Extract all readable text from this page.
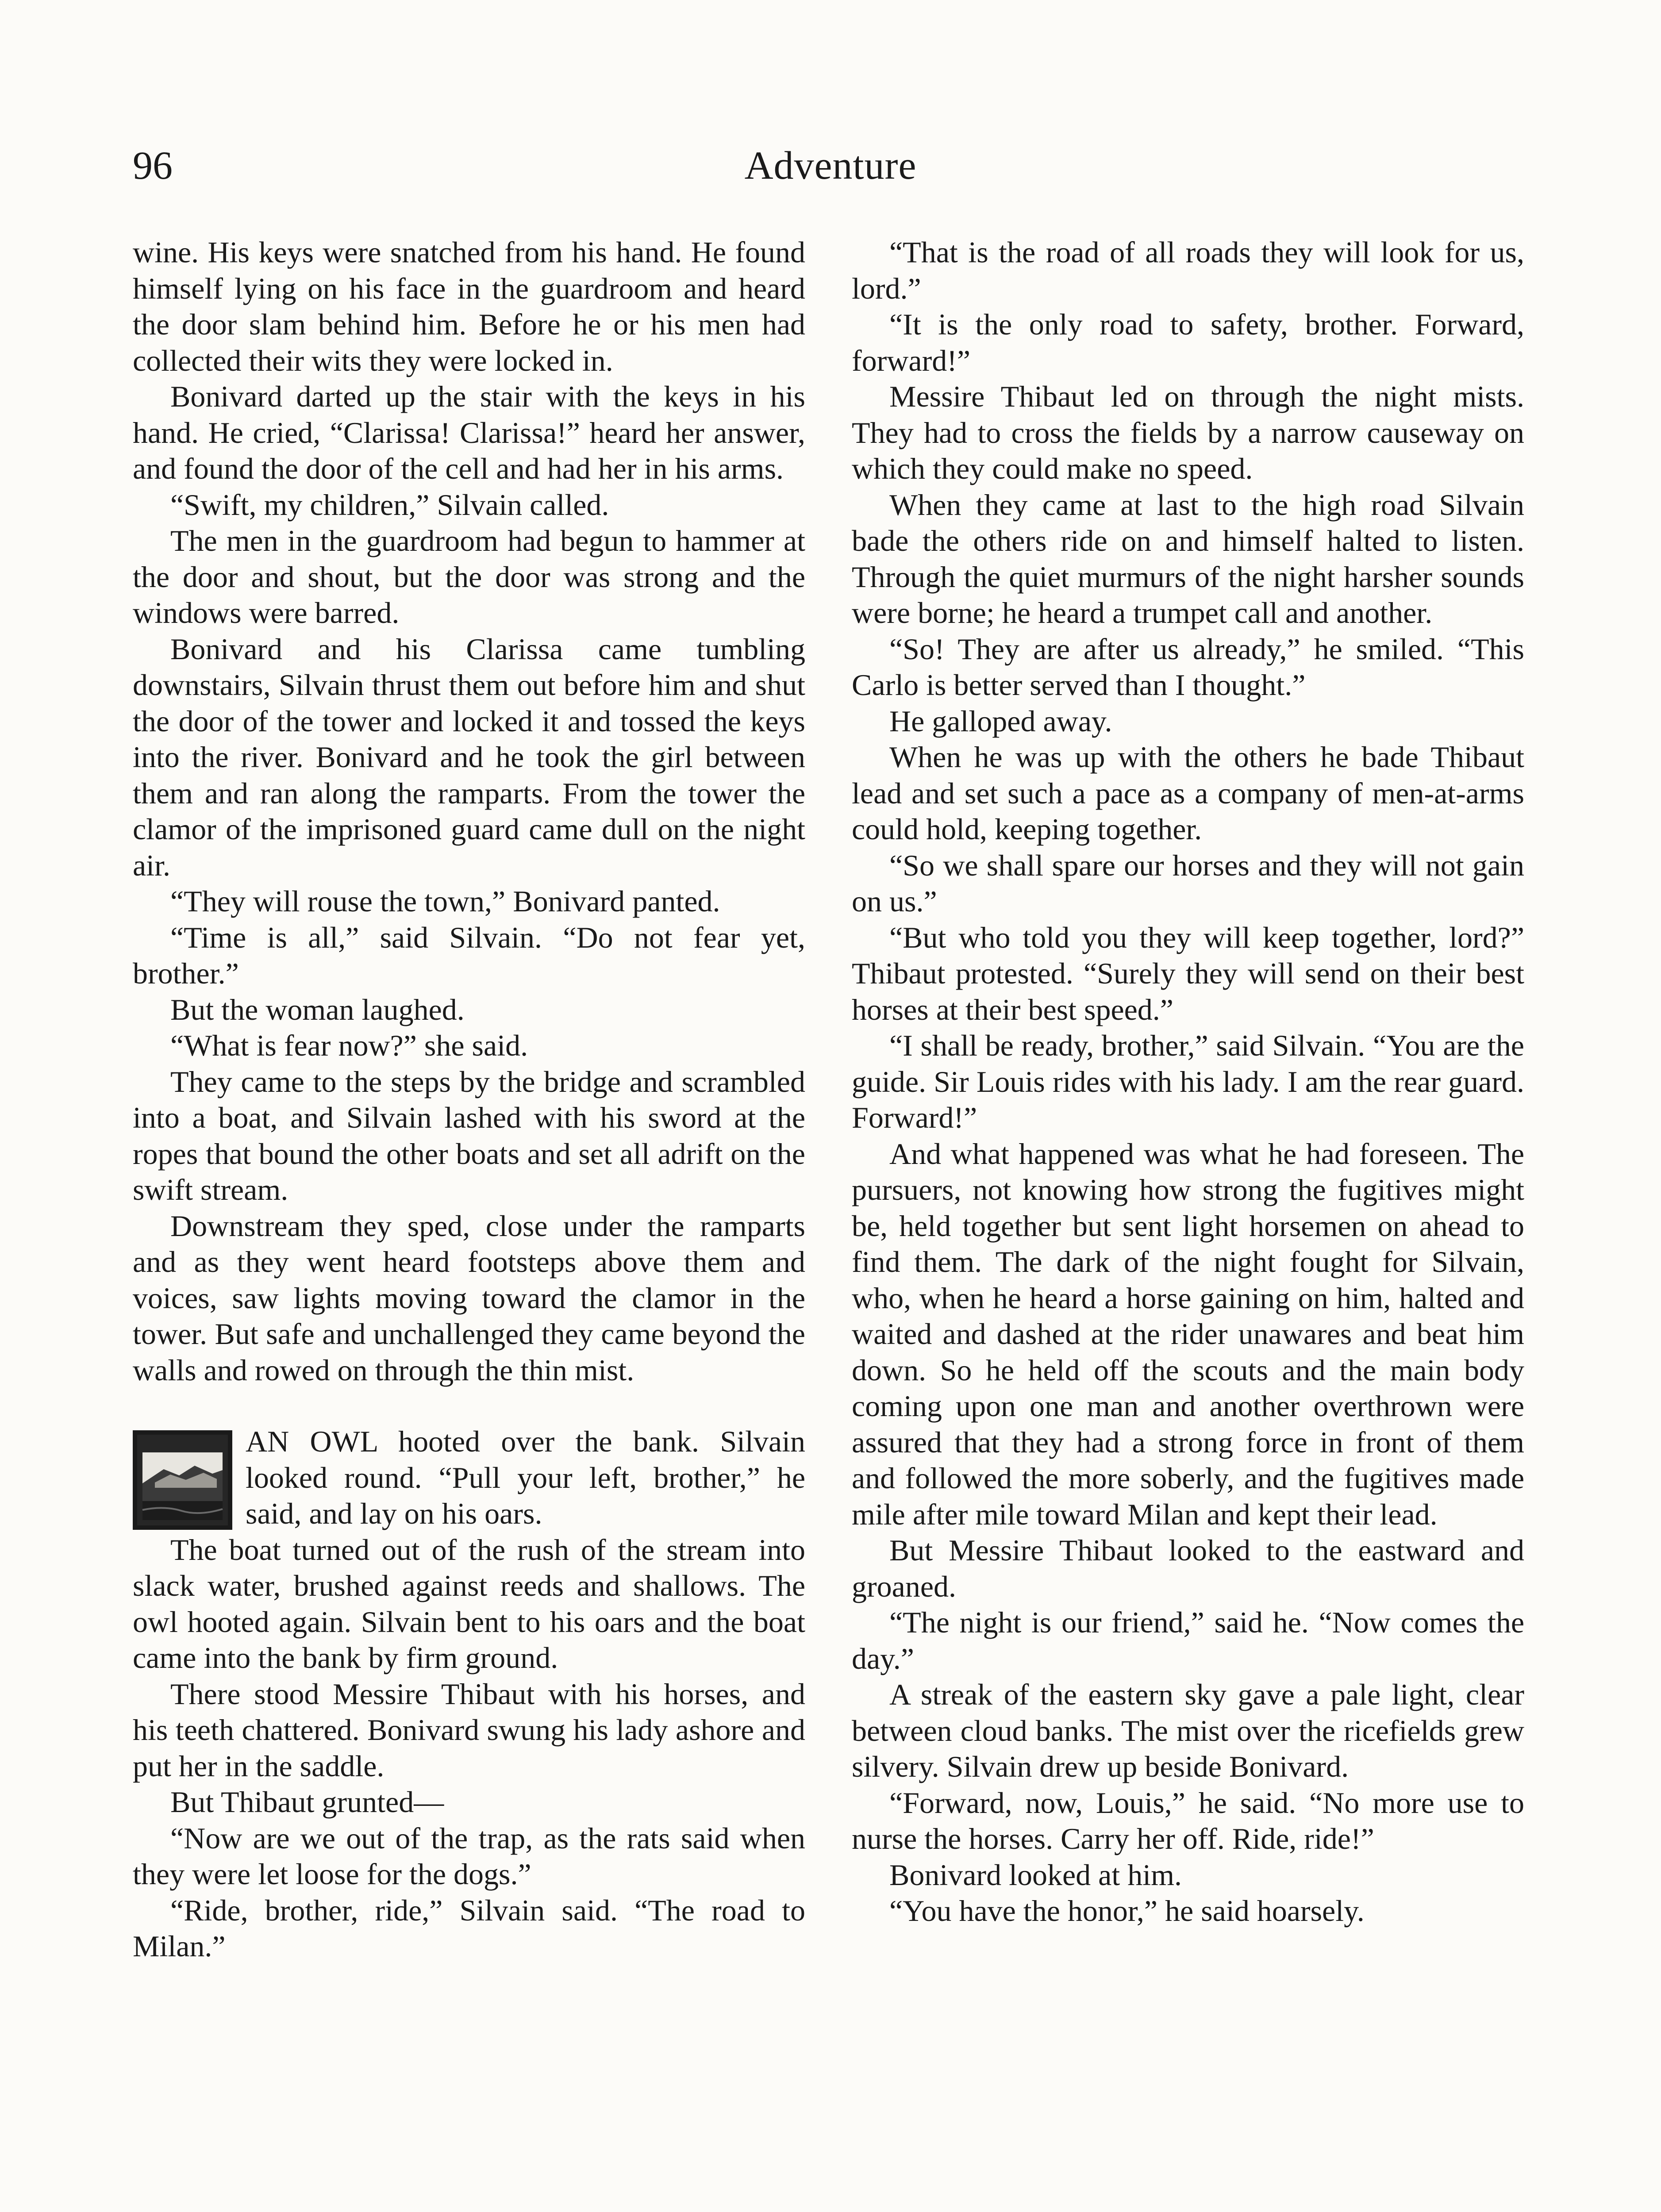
96	Adventure

wine. His keys were snatched from his hand. He found himself lying on his face in the guardroom and heard the door slam behind him. Before he or his men had collected their wits they were locked in.

Bonivard darted up the stair with the keys in his hand. He cried, “Clarissa! Clarissa!” heard her answer, and found the door of the cell and had her in his arms.

“Swift, my children,” Silvain called.

The men in the guardroom had begun to hammer at the door and shout, but the door was strong and the windows were barred.

Bonivard and his Clarissa came tumbling downstairs, Silvain thrust them out before him and shut the door of the tower and locked it and tossed the keys into the river. Bonivard and he took the girl between them and ran along the ramparts. From the tower the clamor of the imprisoned guard came dull on the night air.

“They will rouse the town,” Bonivard panted.

“Time is all,” said Silvain. “Do not fear yet, brother.”

But the woman laughed.

“What is fear now?” she said.

They came to the steps by the bridge and scrambled into a boat, and Silvain lashed with his sword at the ropes that bound the other boats and set all adrift on the swift stream.

Downstream they sped, close under the ramparts and as they went heard footsteps above them and voices, saw lights moving toward the clamor in the tower. But safe and unchallenged they came beyond the walls and rowed on through the thin mist.

AN OWL hooted over the bank. Silvain looked round. “Pull your left, brother,” he said, and lay on his oars.

The boat turned out of the rush of the stream into slack water, brushed against reeds and shallows. The owl hooted again. Silvain bent to his oars and the boat came into the bank by firm ground.

There stood Messire Thibaut with his horses, and his teeth chattered. Bonivard swung his lady ashore and put her in the saddle.

But Thibaut grunted—

“Now are we out of the trap, as the rats said when they were let loose for the dogs.”

“Ride, brother, ride,” Silvain said. “The road to Milan.”

“That is the road of all roads they will look for us, lord.”

“It is the only road to safety, brother. Forward, forward!”

Messire Thibaut led on through the night mists. They had to cross the fields by a narrow causeway on which they could make no speed.

When they came at last to the high road Silvain bade the others ride on and himself halted to listen. Through the quiet murmurs of the night harsher sounds were borne; he heard a trumpet call and another.

“So! They are after us already,” he smiled. “This Carlo is better served than I thought.”

He galloped away.

When he was up with the others he bade Thibaut lead and set such a pace as a company of men-at-arms could hold, keeping together.

“So we shall spare our horses and they will not gain on us.”

“But who told you they will keep together, lord?” Thibaut protested. “Surely they will send on their best horses at their best speed.”

“I shall be ready, brother,” said Silvain. “You are the guide. Sir Louis rides with his lady. I am the rear guard. Forward!”

And what happened was what he had foreseen. The pursuers, not knowing how strong the fugitives might be, held together but sent light horsemen on ahead to find them. The dark of the night fought for Silvain, who, when he heard a horse gaining on him, halted and waited and dashed at the rider unawares and beat him down. So he held off the scouts and the main body coming upon one man and another overthrown were assured that they had a strong force in front of them and followed the more soberly, and the fugitives made mile after mile toward Milan and kept their lead.

But Messire Thibaut looked to the eastward and groaned.

“The night is our friend,” said he. “Now comes the day.”

A streak of the eastern sky gave a pale light, clear between cloud banks. The mist over the ricefields grew silvery. Silvain drew up beside Bonivard.

“Forward, now, Louis,” he said. “No more use to nurse the horses. Carry her off. Ride, ride!”

Bonivard looked at him.

“You have the honor,” he said hoarsely.
